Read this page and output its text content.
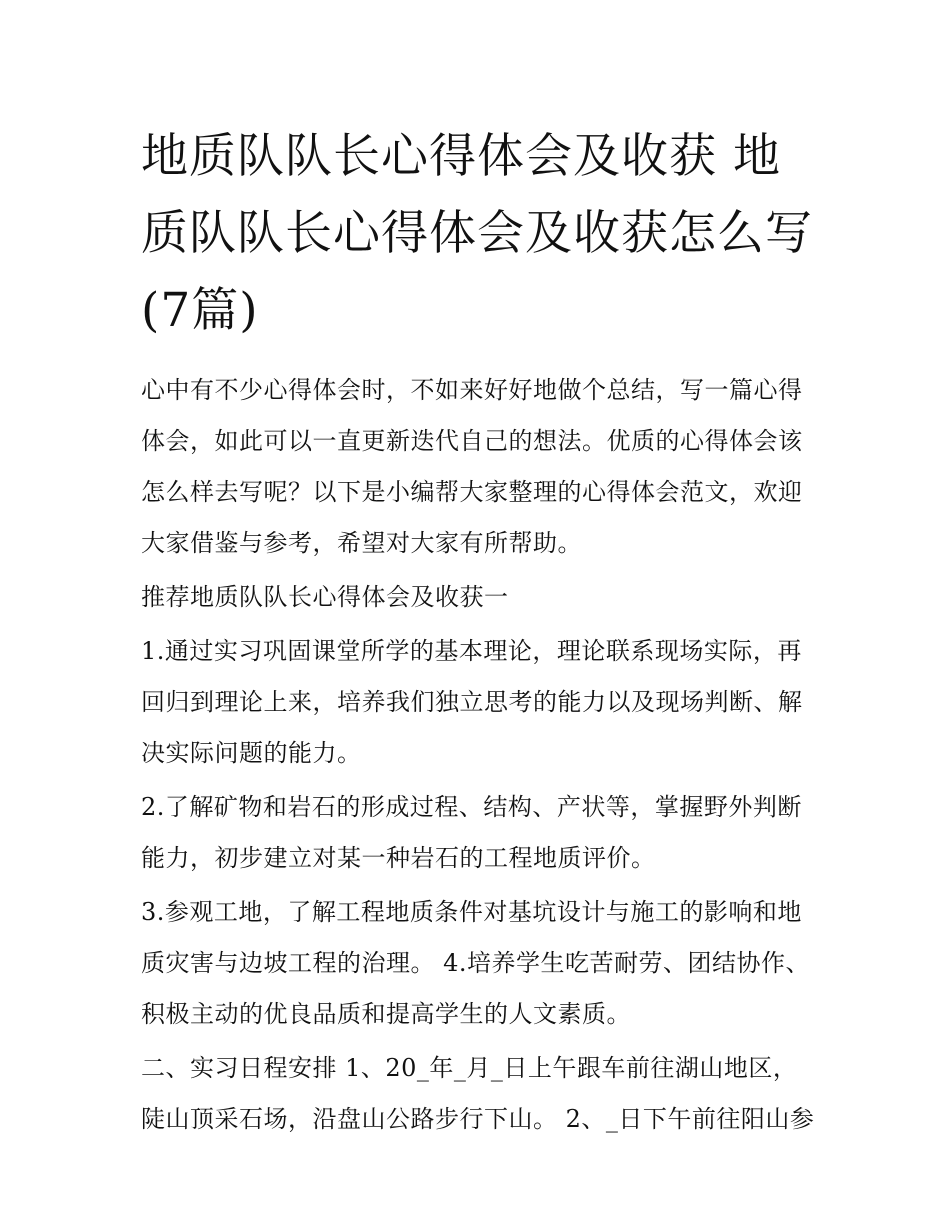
地质队队长心得体会及收获 地质队队长心得体会及收获怎么写(7篇)

心中有不少心得体会时，不如来好好地做个总结，写一篇心得体会，如此可以一直更新迭代自己的想法。优质的心得体会该怎么样去写呢？以下是小编帮大家整理的心得体会范文，欢迎大家借鉴与参考，希望对大家有所帮助。

推荐地质队队长心得体会及收获一

1.通过实习巩固课堂所学的基本理论，理论联系现场实际，再回归到理论上来，培养我们独立思考的能力以及现场判断、解决实际问题的能力。

2.了解矿物和岩石的形成过程、结构、产状等，掌握野外判断能力，初步建立对某一种岩石的工程地质评价。

3.参观工地，了解工程地质条件对基坑设计与施工的影响和地质灾害与边坡工程的治理。 4.培养学生吃苦耐劳、团结协作、积极主动的优良品质和提高学生的人文素质。

二、实习日程安排 1、20_年_月_日上午跟车前往湖山地区，陡山顶采石场，沿盘山公路步行下山。 2、_日下午前往阳山参
